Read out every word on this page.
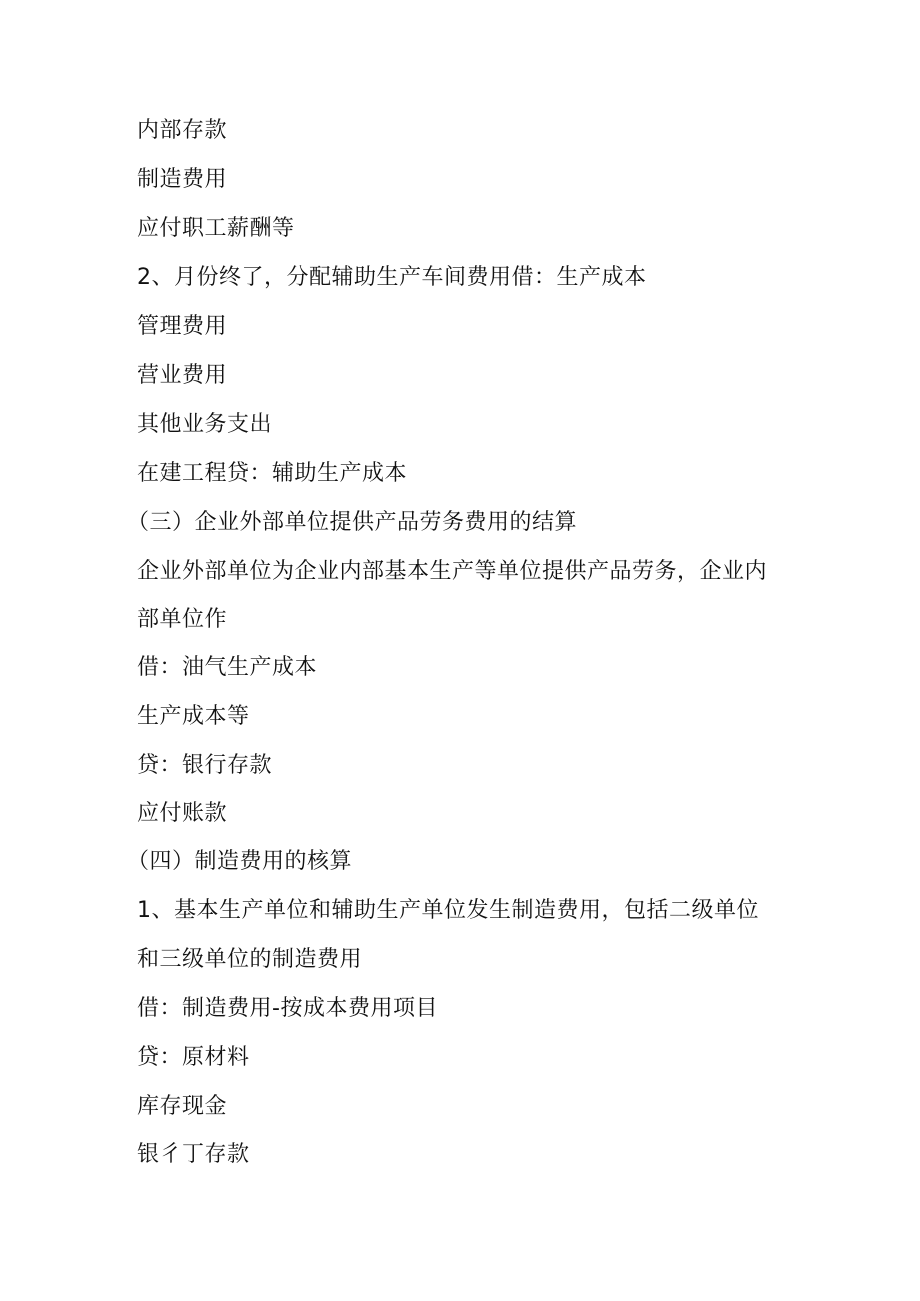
内部存款
制造费用
应付职工薪酬等
2、月份终了，分配辅助生产车间费用借：生产成本
管理费用
营业费用
其他业务支出
在建工程贷：辅助生产成本
（三）企业外部单位提供产品劳务费用的结算
企业外部单位为企业内部基本生产等单位提供产品劳务，企业内
部单位作
借：油气生产成本
生产成本等
贷：银行存款
应付账款
（四）制造费用的核算
1、基本生产单位和辅助生产单位发生制造费用，包括二级单位
和三级单位的制造费用
借：制造费用-按成本费用项目
贷：原材料
库存现金
银彳丁存款
